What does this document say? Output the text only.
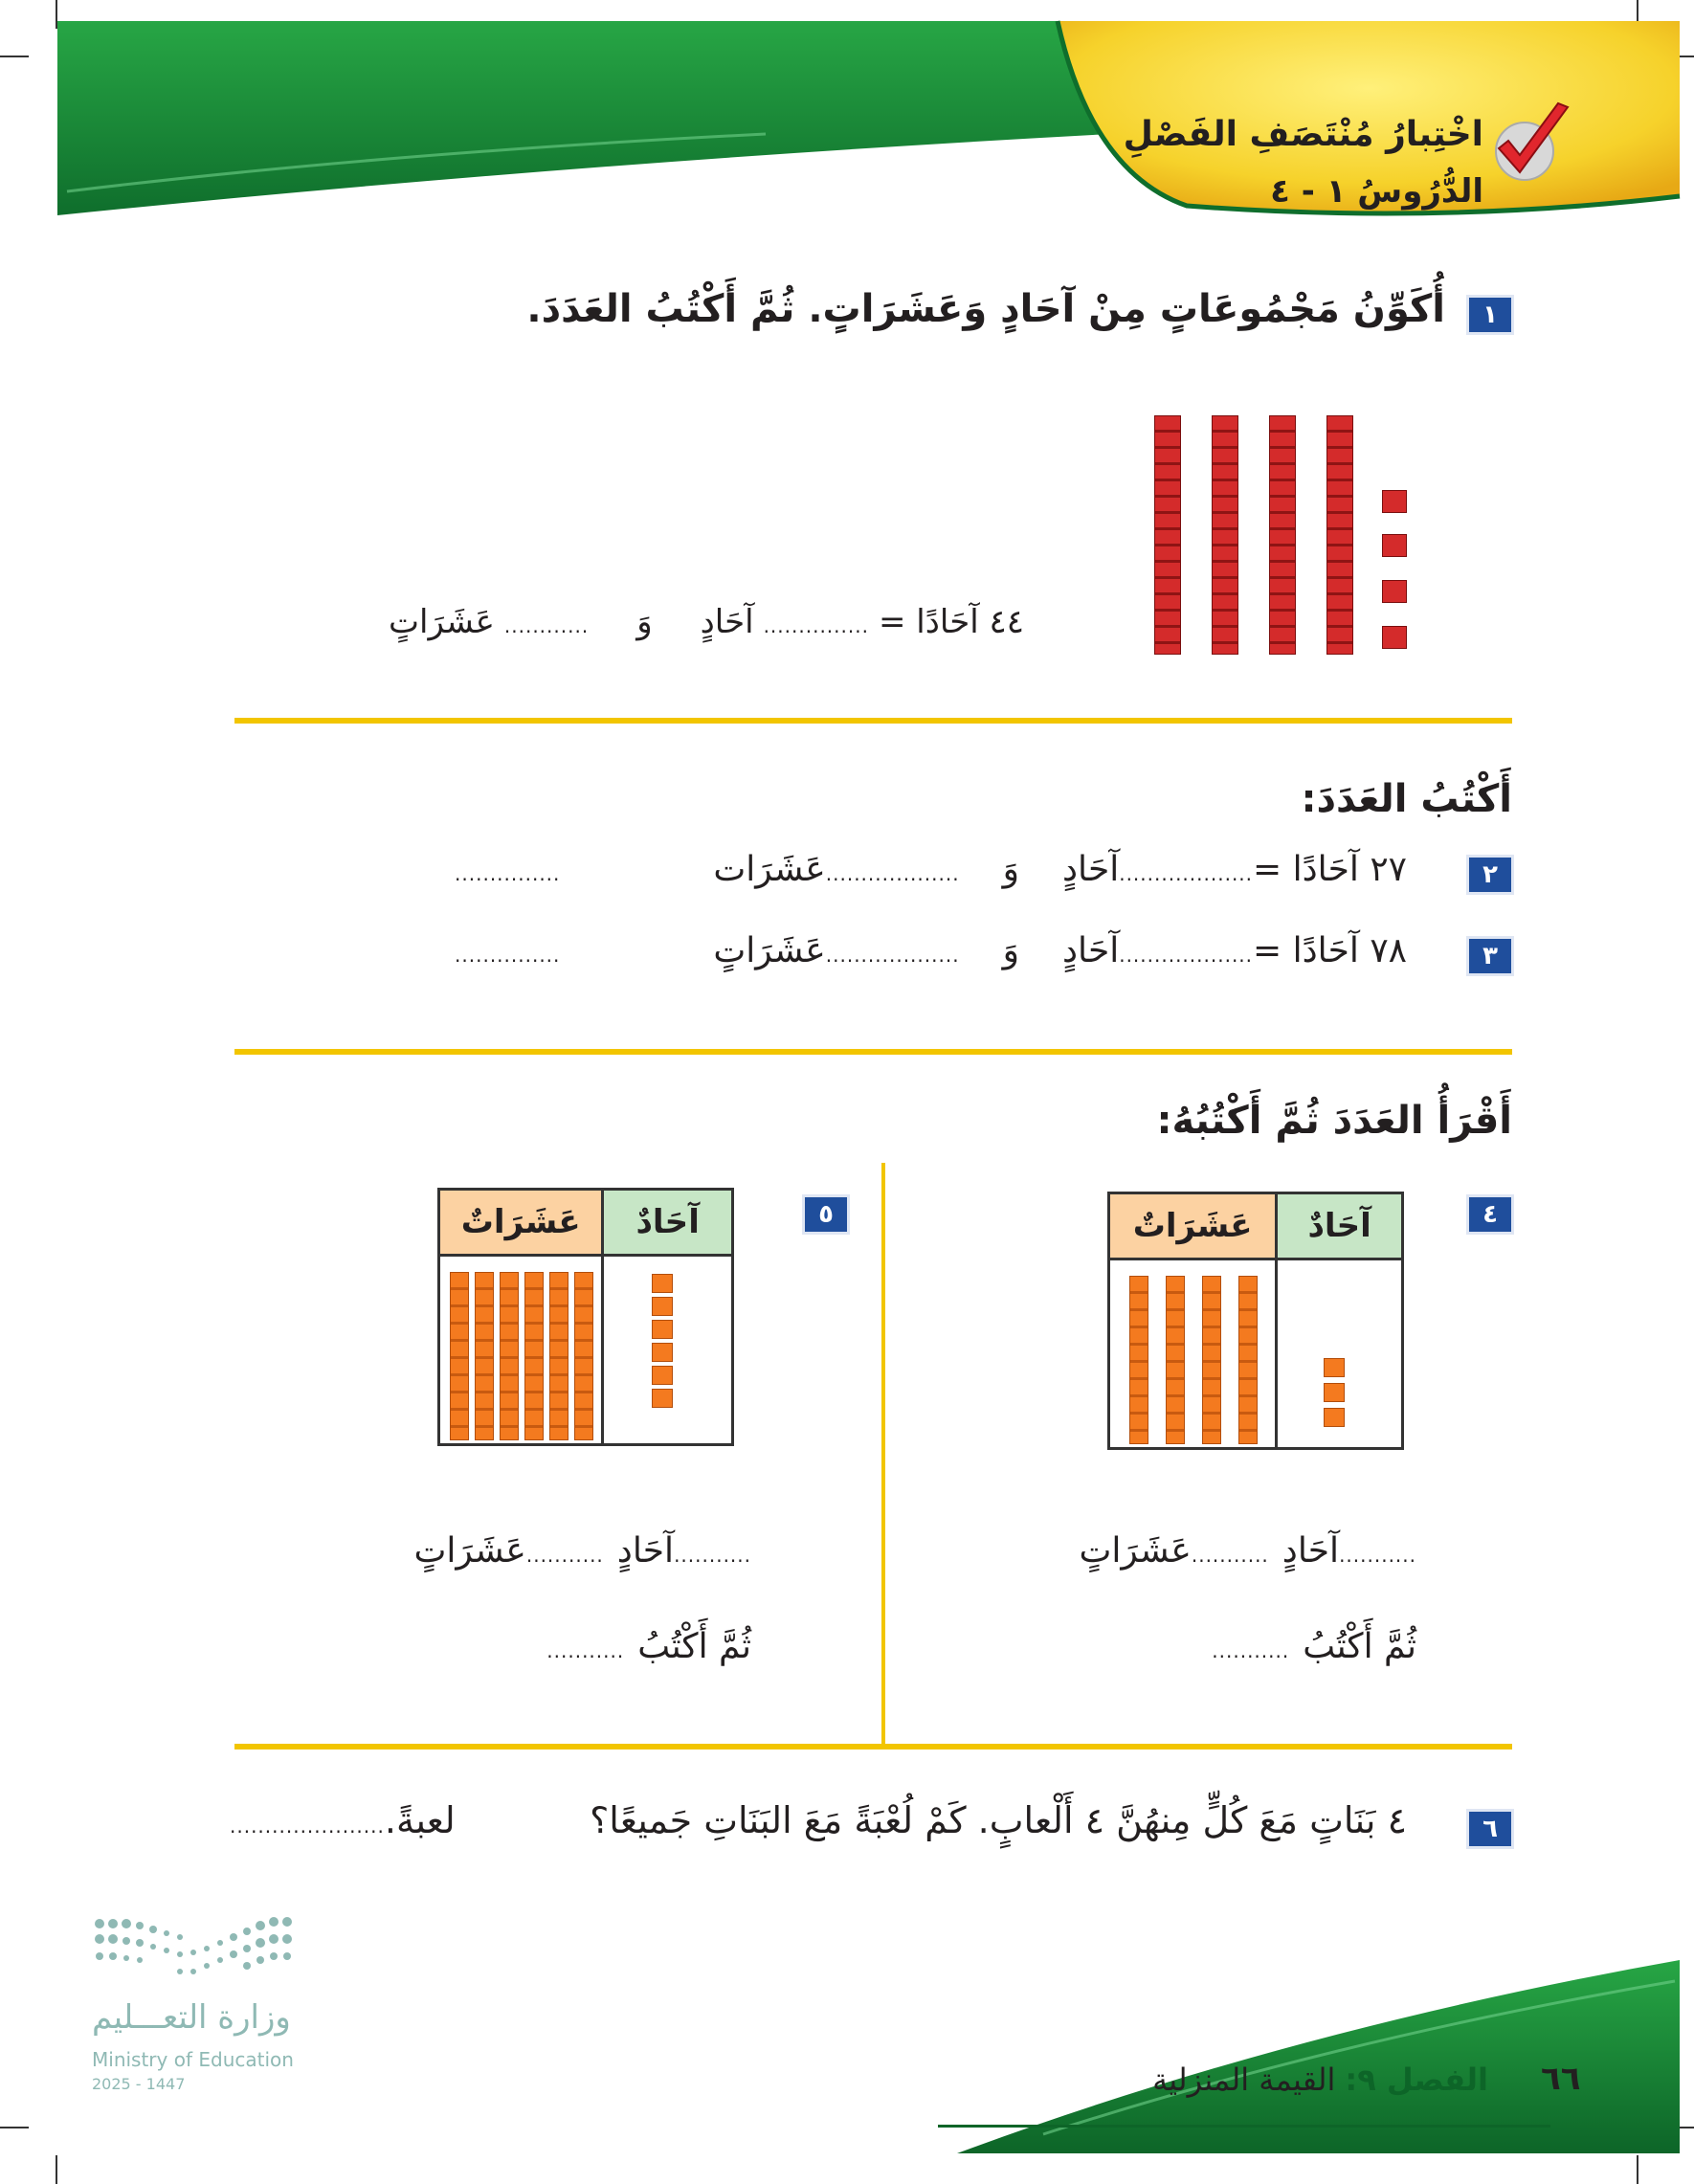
اخْتِبارُ مُنْتَصَفِ الفَصْلِ
الدُّرُوسُ ١ - ٤
١
أُكَوِّنُ مَجْمُوعَاتٍ مِنْ آحَادٍ وَعَشَرَاتٍ. ثُمَّ أَكْتُبُ العَدَدَ.
٤٤ آحَادًا =
...............
آحَادٍ
وَ
............
عَشَرَاتٍ
أَكْتُبُ العَدَدَ:
٢
٢٧ آحَادًا =
...................
آحَادٍ
وَ
...................
عَشَرَات
...............
٣
٧٨ آحَادًا =
...................
آحَادٍ
وَ
...................
عَشَرَاتٍ
...............
أَقْرَأُ العَدَدَ ثُمَّ أَكْتُبُهُ:
٤
عَشَرَاتٌ	آحَادٌ
...........
آحَادٍ
...........
عَشَرَاتٍ
ثُمَّ أَكْتُبُ
...........
٥
عَشَرَاتٌ	آحَادٌ
...........
آحَادٍ
...........
عَشَرَاتٍ
ثُمَّ أَكْتُبُ
...........
٦
٤ بَنَاتٍ مَعَ كُلٍّ مِنهُنَّ ٤ أَلْعابٍ. كَمْ لُعْبَةً مَعَ البَنَاتِ جَميعًا؟
لعبةً.
......................
٦٦
الفصل ٩:
القيمة المنزلية
وزارة التعـــليم
Ministry of Education
2025 - 1447
